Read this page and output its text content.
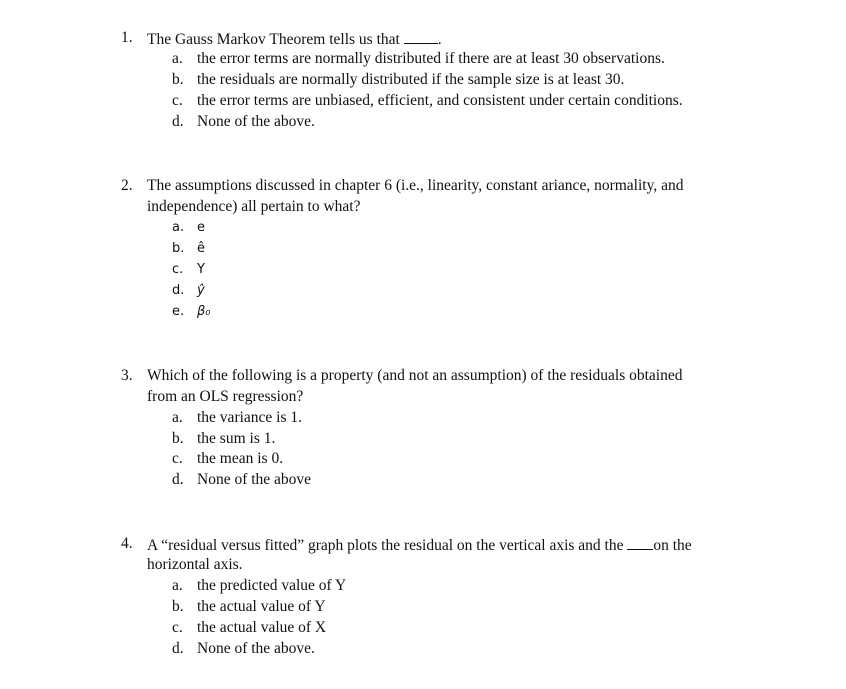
1. The Gauss Markov Theorem tells us that .
a. the error terms are normally distributed if there are at least 30 observations.
b. the residuals are normally distributed if the sample size is at least 30.
c. the error terms are unbiased, efficient, and consistent under certain conditions.
d. None of the above.
2. The assumptions discussed in chapter 6 (i.e., linearity, constant ariance, normality, and
independence) all pertain to what?
a. e
b. ê
c. Y
d. ŷ
e. β₀
3. Which of the following is a property (and not an assumption) of the residuals obtained
from an OLS regression?
a. the variance is 1.
b. the sum is 1.
c. the mean is 0.
d. None of the above
4. A “residual versus fitted” graph plots the residual on the vertical axis and the on the
horizontal axis.
a. the predicted value of Y
b. the actual value of Y
c. the actual value of X
d. None of the above.
